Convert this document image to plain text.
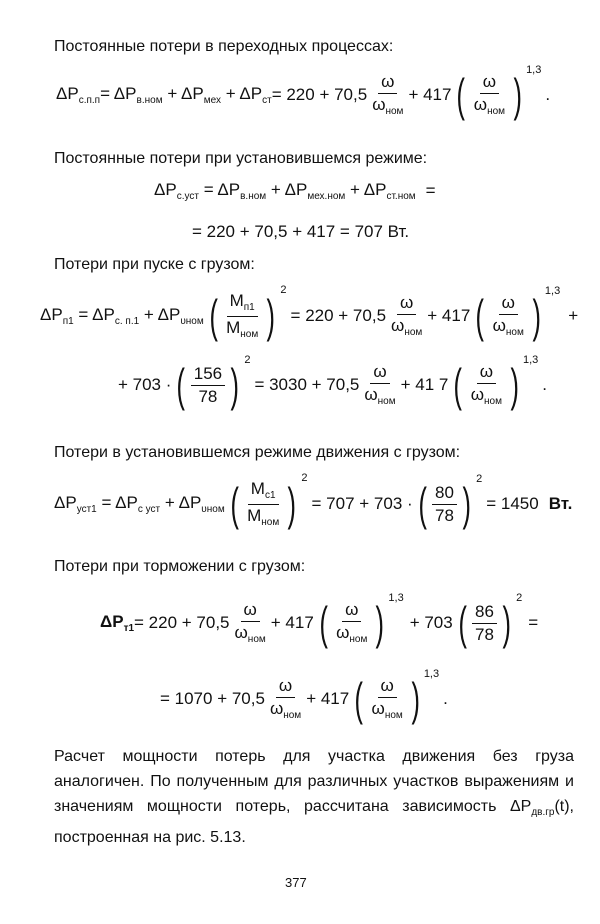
Постоянные потери в переходных процессах:
$\Delta P_{с.п.п} = \Delta P_{в.ном} + \Delta P_{мех} + \Delta P_{ст} = 220 + 70,5 \frac{\omega}{\omega_{ном}} + 417$ ( $\frac{\omega}{\omega_{ном}}$ ) 1,3
.
Постоянные потери при установившемся режиме:
$\Delta P_{с.уст} = \Delta P_{в.ном} + \Delta P_{мех.ном} + \Delta P_{ст.ном}$ =
= 220 + 70,5 + 417 = 707 Вт.
Потери при пуске с грузом:
$\Delta P_{п1} = \Delta P_{с. п.1} + \Delta P_{\upsilon ном}$ ( $\frac{M_{п1}}{M_{ном}}$ ) 2
= $220 + 70,5 \frac{\omega}{\omega_{ном}} + 417$ ( $\frac{\omega}{\omega_{ном}}$ ) 1,3
+
+ 703 · ( $\frac{156}{78}$ ) 2
= $3030 + 70,5 \frac{\omega}{\omega_{ном}} + 41$ 7 ( $\frac{\omega}{\omega_{ном}}$ ) 1,3
.
Потери в установившемся режиме движения с грузом:
$\Delta P_{уст1} = \Delta P_{с уст} + \Delta P_{\upsilon ном}$ ( $\frac{M_{c1}}{M_{ном}}$ ) 2
= 707 + 703 · ( $\frac{80}{78}$ ) 2
= 1450 Вт.
Потери при торможении с грузом:
$\Delta P_{т1} = 220 + 70,5 \frac{\omega}{\omega_{ном}} + 417$ ( $\frac{\omega}{\omega_{ном}}$ ) 1,3
+ 703 ( $\frac{86}{78}$ ) 2
=
= $1070 + 70,5 \frac{\omega}{\omega_{ном}} + 417$ ( $\frac{\omega}{\omega_{ном}}$ ) 1,3
.
Расчет мощности потерь для участка движения без груза аналогичен. По полученным для различных участков выражениям и значениям мощности потерь, рассчитана зависимость $\Delta P_{дв.гр}(t)$, построенная на рис. 5.13.
377
